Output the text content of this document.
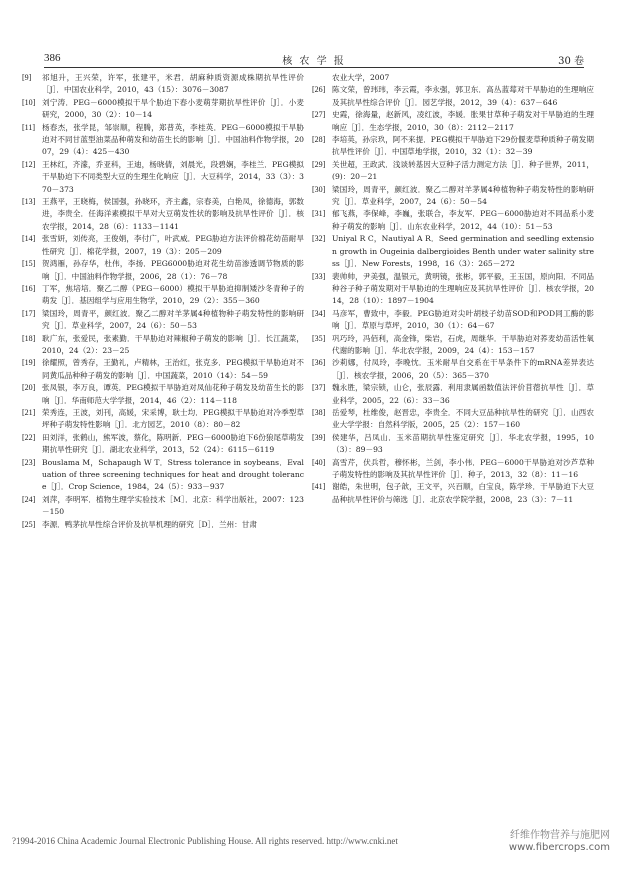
386	核 农 学 报	30 卷
[9]	祁旭升，王兴荣，许军，张建平，米君．胡麻种质资源成株期抗旱性评价［J］．中国农业科学，2010，43（15）：3076－3087
[10] 刘宁涛．PEG－6000模拟干旱个胁迫下春小麦萌芽期抗旱性评价［J］．小麦研究，2000，30（2）：10－14
[11] 杨春杰，张学昆，邹崇顺，程腾，郑普英，李桂英．PEG－6000模拟干旱胁迫对不同甘蓝型油菜品种萌发和幼苗生长的影响［J］．中国油料作物学报，2007，29（4）：425－430
[12] 王林红，齐濛，乔亚科，王迪，杨晓倩，刘晨光，段碧娴，李桂兰．PEG模拟干旱胁迫下不同类型大豆的生理生化响应［J］．大豆科学，2014，33（3）：370－373
[13] 王燕平，王晓梅，侯国强，孙晓环，齐主鑫，宗春美，白艳凤，徐德海，郭数进，李贵全．任海洋素模拟干旱对大豆萌发性状的影响及抗旱性评价［J］．核农学报，2014，28（6）：1133－1141
[14] 张雪妍，刘传亮，王俊娟，李付广，叶武威．PEG胁迫方法评价棉花幼苗耐旱性研究［J］．棉花学报，2007，19（3）：205－209
[15] 贺鸿雁，孙存华，杜伟，李扬．PEG6000胁迫对花生幼苗渗透调节物质的影响［J］．中国油料作物学报，2006，28（1）：76－78
[16] 丁军，焦培培．聚乙二醇（PEG－6000）模拟干旱胁迫抑制矮沙冬青种子的萌发［J］．基因组学与应用生物学，2010，29（2）：355－360
[17] 梁国玲，周青平，颜红波．聚乙二醇对羊茅属4种植物种子萌发特性的影响研究［J］．草业科学，2007，24（6）：50－53
[18] 耿广东，张爱民，张素勤．干旱胁迫对辣椒种子萌发的影响［J］．长江蔬菜，2010，24（2）：23－25
[19] 徐耀照，曾秀存，王勤礼，卢精林，王治红，张克多．PEG模拟干旱胁迫对不同黄瓜品种种子萌发的影响［J］．中国蔬菜，2010（14）：54－59
[20] 张凤银，李万良，谭英．PEG模拟干旱胁迫对凤仙花种子萌发及幼苗生长的影响［J］．华南师范大学学报，2014，46（2）：114－118
[21] 荣秀连，王波，刘刊，高媛，宋采博，耿士均．PEG模拟干旱胁迫对冷季型草坪种子萌发特性影响［J］．北方园艺，2010（8）：80－82
[22] 田刘洋，张鹤山，熊军波，蔡化，陈明新．PEG－6000胁迫下6份狼尾草萌发期抗旱性研究［J］．湖北农业科学，2013，52（24）：6115－6119
[23] Bouslama M，Schapaugh W T．Stress tolerance in soybeans．Evaluation of three screening techniques for heat and drought tolerance［J］．Crop Science，1984，24（5）：933－937
[24] 刘萍，李明军．植物生理学实验技术［M］．北京：科学出版社，2007：123－150
[25] 李源．鸭茅抗旱性综合评价及抗旱机理的研究［D］．兰州：甘肃
农业大学，2007
[26] 陈文荣，曾玮玮，李云霞，李永强，郭卫东．高丛蓝莓对干旱胁迫的生理响应及其抗旱性综合评价［J］．园艺学报，2012，39（4）：637－646
[27] 史霞，徐海量，赵新风，凌红波，李媛．胀果甘草种子萌发对干旱胁迫的生理响应［J］．生态学报，2010，30（8）：2112－2117
[28] 李培英，孙宗玖，阿不来提．PEG模拟干旱胁迫下29份偃麦草种质种子萌发期抗旱性评价［J］．中国草地学报，2010，32（1）：32－39
[29] 关世超，王政武．浅谈转基因大豆种子活力测定方法［J］．种子世界，2011，(9)：20－21
[30] 梁国玲，周青平，颜红波．聚乙二醇对羊茅属4种植物种子萌发特性的影响研究［J］．草业科学，2007，24（6）：50－54
[31] 郁飞燕，李保峰，李巍，张联合，李友军．PEG－6000胁迫对不同品系小麦种子萌发的影响［J］．山东农业科学，2012，44（10）：51－53
[32] Uniyal R C，Nautiyal A R．Seed germination and seedling extension growth in Ougeinia dalbergioides Benth under water salinity stress［J］．New Forests，1998，16（3）：265－272
[33] 裴帅帅，尹美强，温银元，黄明镜，张彬，郭平毅，王玉国，原向阳．不同品种谷子种子萌发期对干旱胁迫的生理响应及其抗旱性评价［J］．核农学报，2014，28（10）：1897－1904
[34] 马彦军，曹致中，李毅．PEG胁迫对尖叶胡枝子幼苗SOD和POD同工酶的影响［J］．草原与草坪，2010，30（1）：64－67
[35] 巩巧玲，冯佰利，高金锋，柴岩，石虎，周继华．干旱胁迫对荞麦幼苗活性氧代谢的影响［J］．华北农学报，2009，24（4）：153－157
[36] 沙莉娜，付凤玲，李晚忱．玉米耐旱自交系在干旱条件下的mRNA差异表达［J］．核农学报，2006，20（5）：365－370
[37] 魏永胜，梁宗锁，山仑，张辰露．利用隶属函数值法评价苜蓿抗旱性［J］．草业科学，2005，22（6）：33－36
[38] 岳爱琴，杜维俊，赵晋忠，李贵全．不同大豆品种抗旱性的研究［J］．山西农业大学学报：自然科学版，2005，25（2）：157－160
[39] 侯建华，吕凤山．玉米苗期抗旱性鉴定研究［J］．华北农学报，1995，10（3）：89－93
[40] 高雪芹，伏兵哲，穆怀彬，兰剑，李小伟．PEG－6000干旱胁迫对沙芦草种子萌发特性的影响及其抗旱性评价［J］．种子，2013，32（8）：11－16
[41] 谢皓，朱世明，包子歆，王文平，兴百顺，白宝良，陈学珍．干旱胁迫下大豆品种抗旱性评价与筛选［J］．北京农学院学报，2008，23（3）：7－11
?1994-2016 China Academic Journal Electronic Publishing House. All rights reserved. http://www.cnki.net	纤维作物营养与施肥网
www.fibercrops.com
